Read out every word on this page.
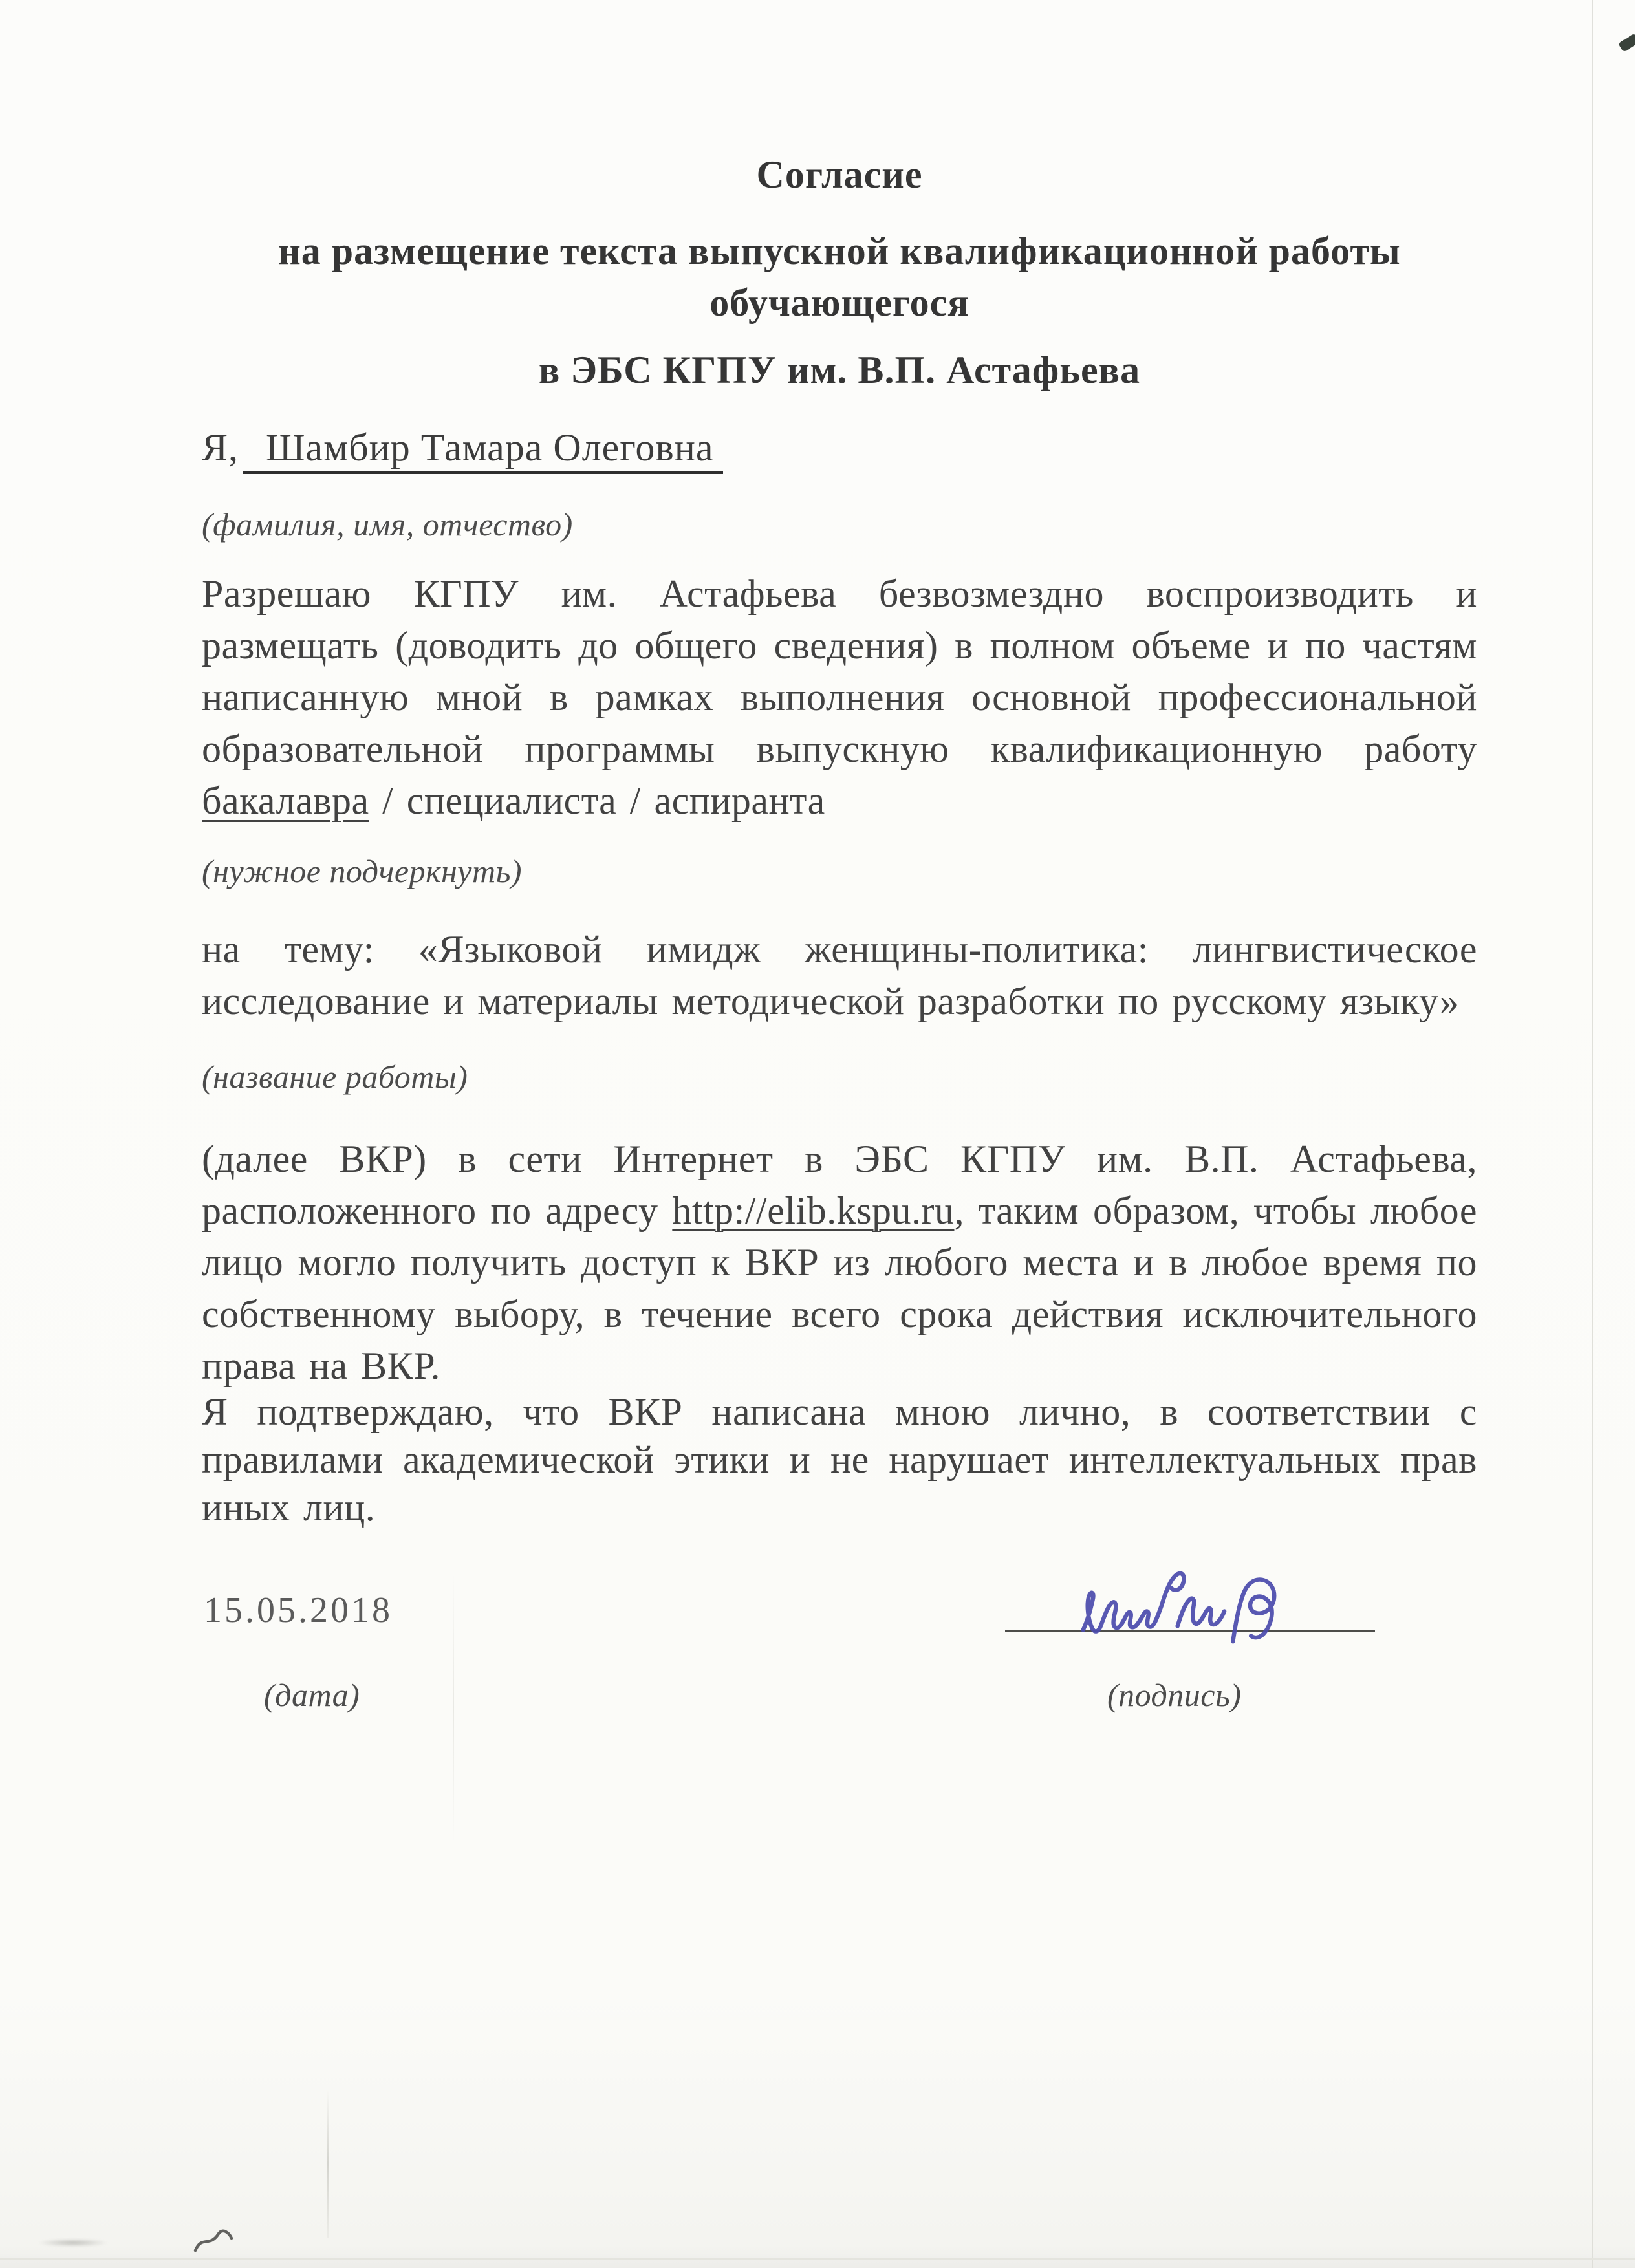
Согласие
на размещение текста выпускной квалификационной работы
обучающегося
в ЭБС КГПУ им. В.П. Астафьева
Я, Шамбир Тамара Олеговна
(фамилия, имя, отчество)
Разрешаю КГПУ им. Астафьева безвозмездно воспроизводить и размещать (доводить до общего сведения) в полном объеме и по частям написанную мной в рамках выполнения основной профессиональной образовательной программы выпускную квалификационную работу бакалавра / специалиста / аспиранта
(нужное подчеркнуть)
на тему: «Языковой имидж женщины-политика: лингвистическое исследование и материалы методической разработки по русскому языку»
(название работы)
(далее ВКР) в сети Интернет в ЭБС КГПУ им. В.П. Астафьева, расположенного по адресу http://elib.kspu.ru, таким образом, чтобы любое лицо могло получить доступ к ВКР из любого места и в любое время по собственному выбору, в течение всего срока действия исключительного права на ВКР.
Я подтверждаю, что ВКР написана мною лично, в соответствии с правилами академической этики и не нарушает интеллектуальных прав иных лиц.
15.05.2018
(дата)	(подпись)
